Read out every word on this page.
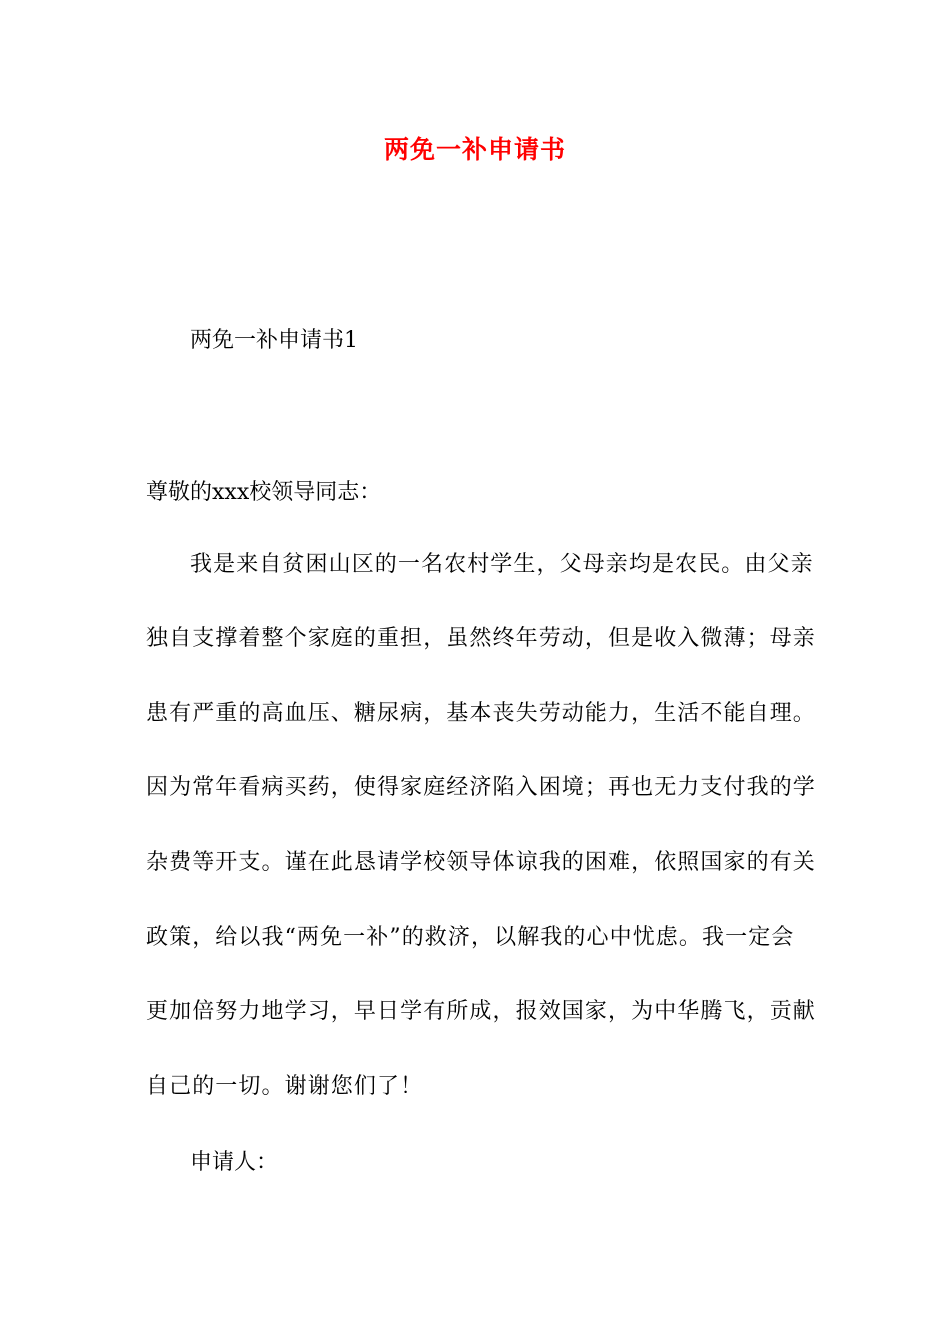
两免一补申请书
两免一补申请书1
尊敬的xxx校领导同志：
我是来自贫困山区的一名农村学生，父母亲均是农民。由父亲
独自支撑着整个家庭的重担，虽然终年劳动，但是收入微薄；母亲
患有严重的高血压、糖尿病，基本丧失劳动能力，生活不能自理。
因为常年看病买药，使得家庭经济陷入困境；再也无力支付我的学
杂费等开支。谨在此恳请学校领导体谅我的困难，依照国家的有关
政策，给以我“两免一补”的救济，以解我的心中忧虑。我一定会
更加倍努力地学习，早日学有所成，报效国家，为中华腾飞，贡献
自己的一切。谢谢您们了！
申请人：
